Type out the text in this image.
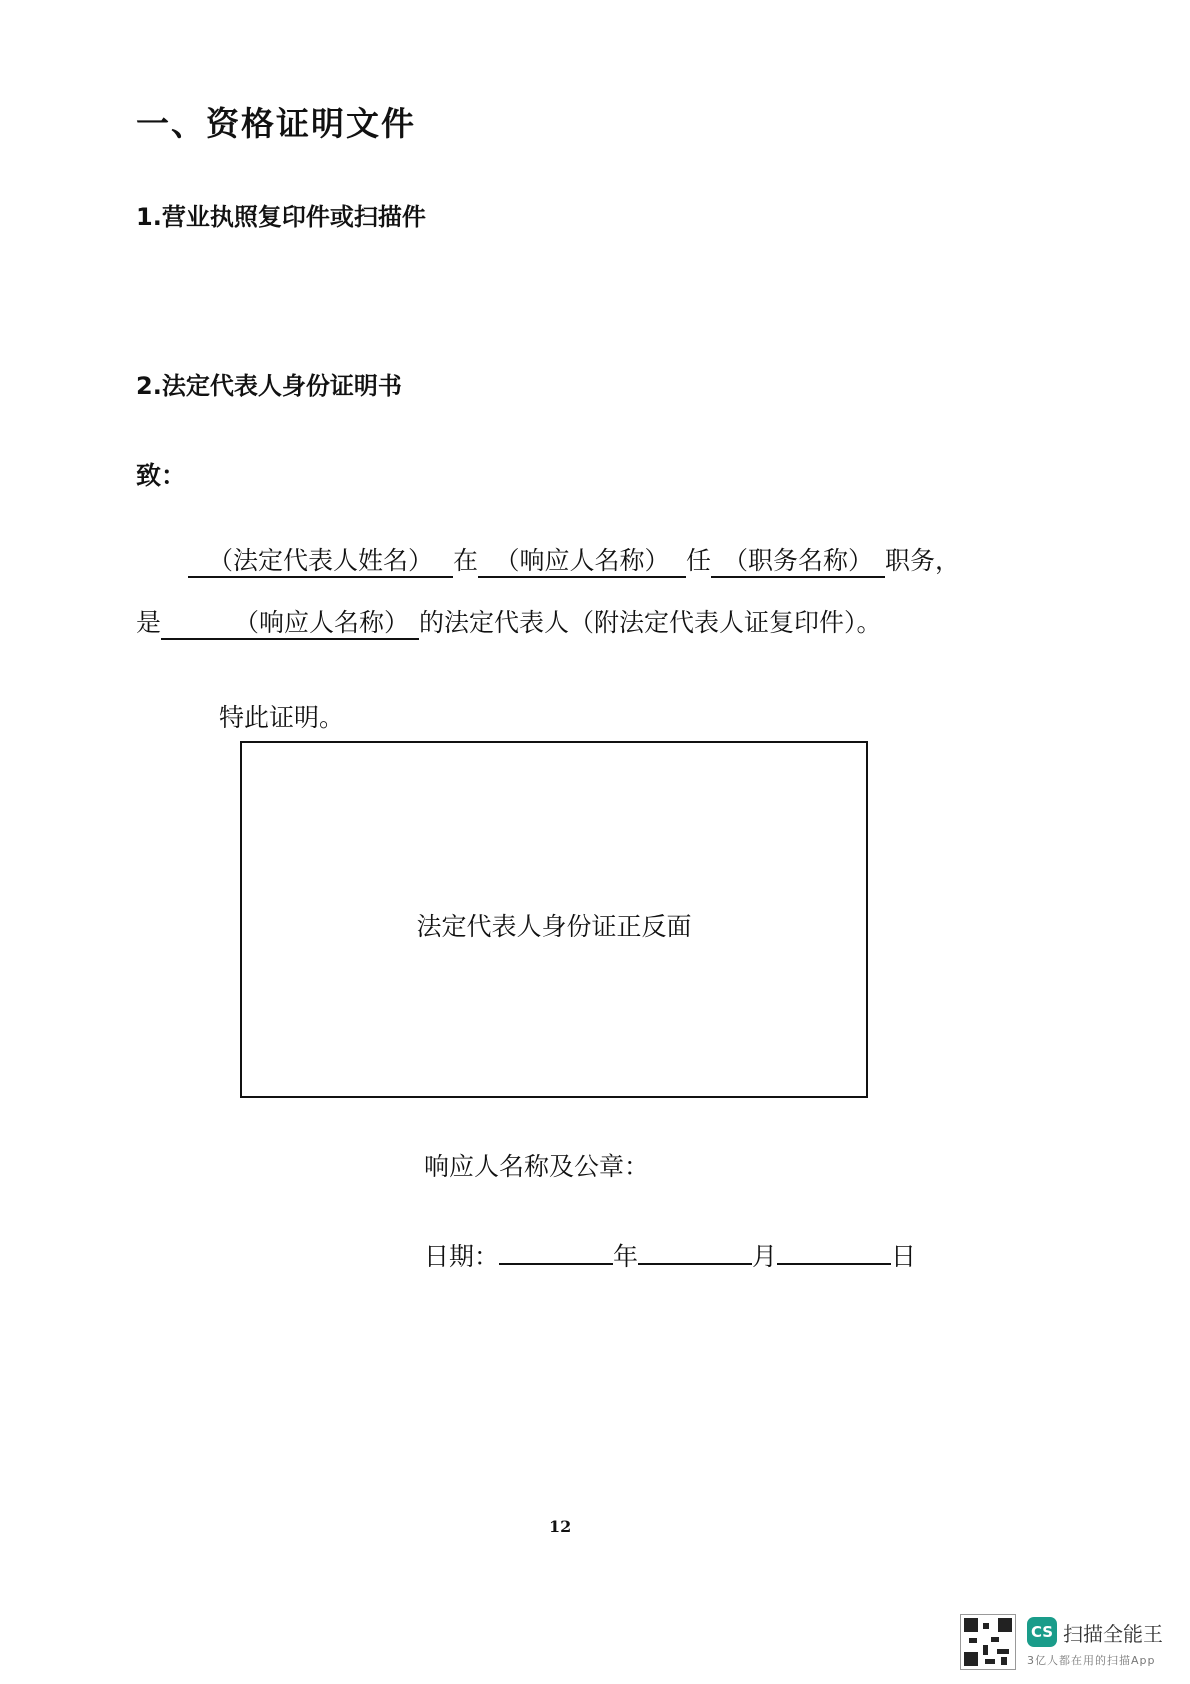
一、资格证明文件
1.营业执照复印件或扫描件
2.法定代表人身份证明书
致：
（法定代表人姓名） 在 （响应人名称） 任 （职务名称） 职务，
是	（响应人名称） 的法定代表人（附法定代表人证复印件）。
特此证明。
法定代表人身份证正反面
响应人名称及公章：
日期：	年	月	日
12
CS 扫描全能王
3亿人都在用的扫描App
